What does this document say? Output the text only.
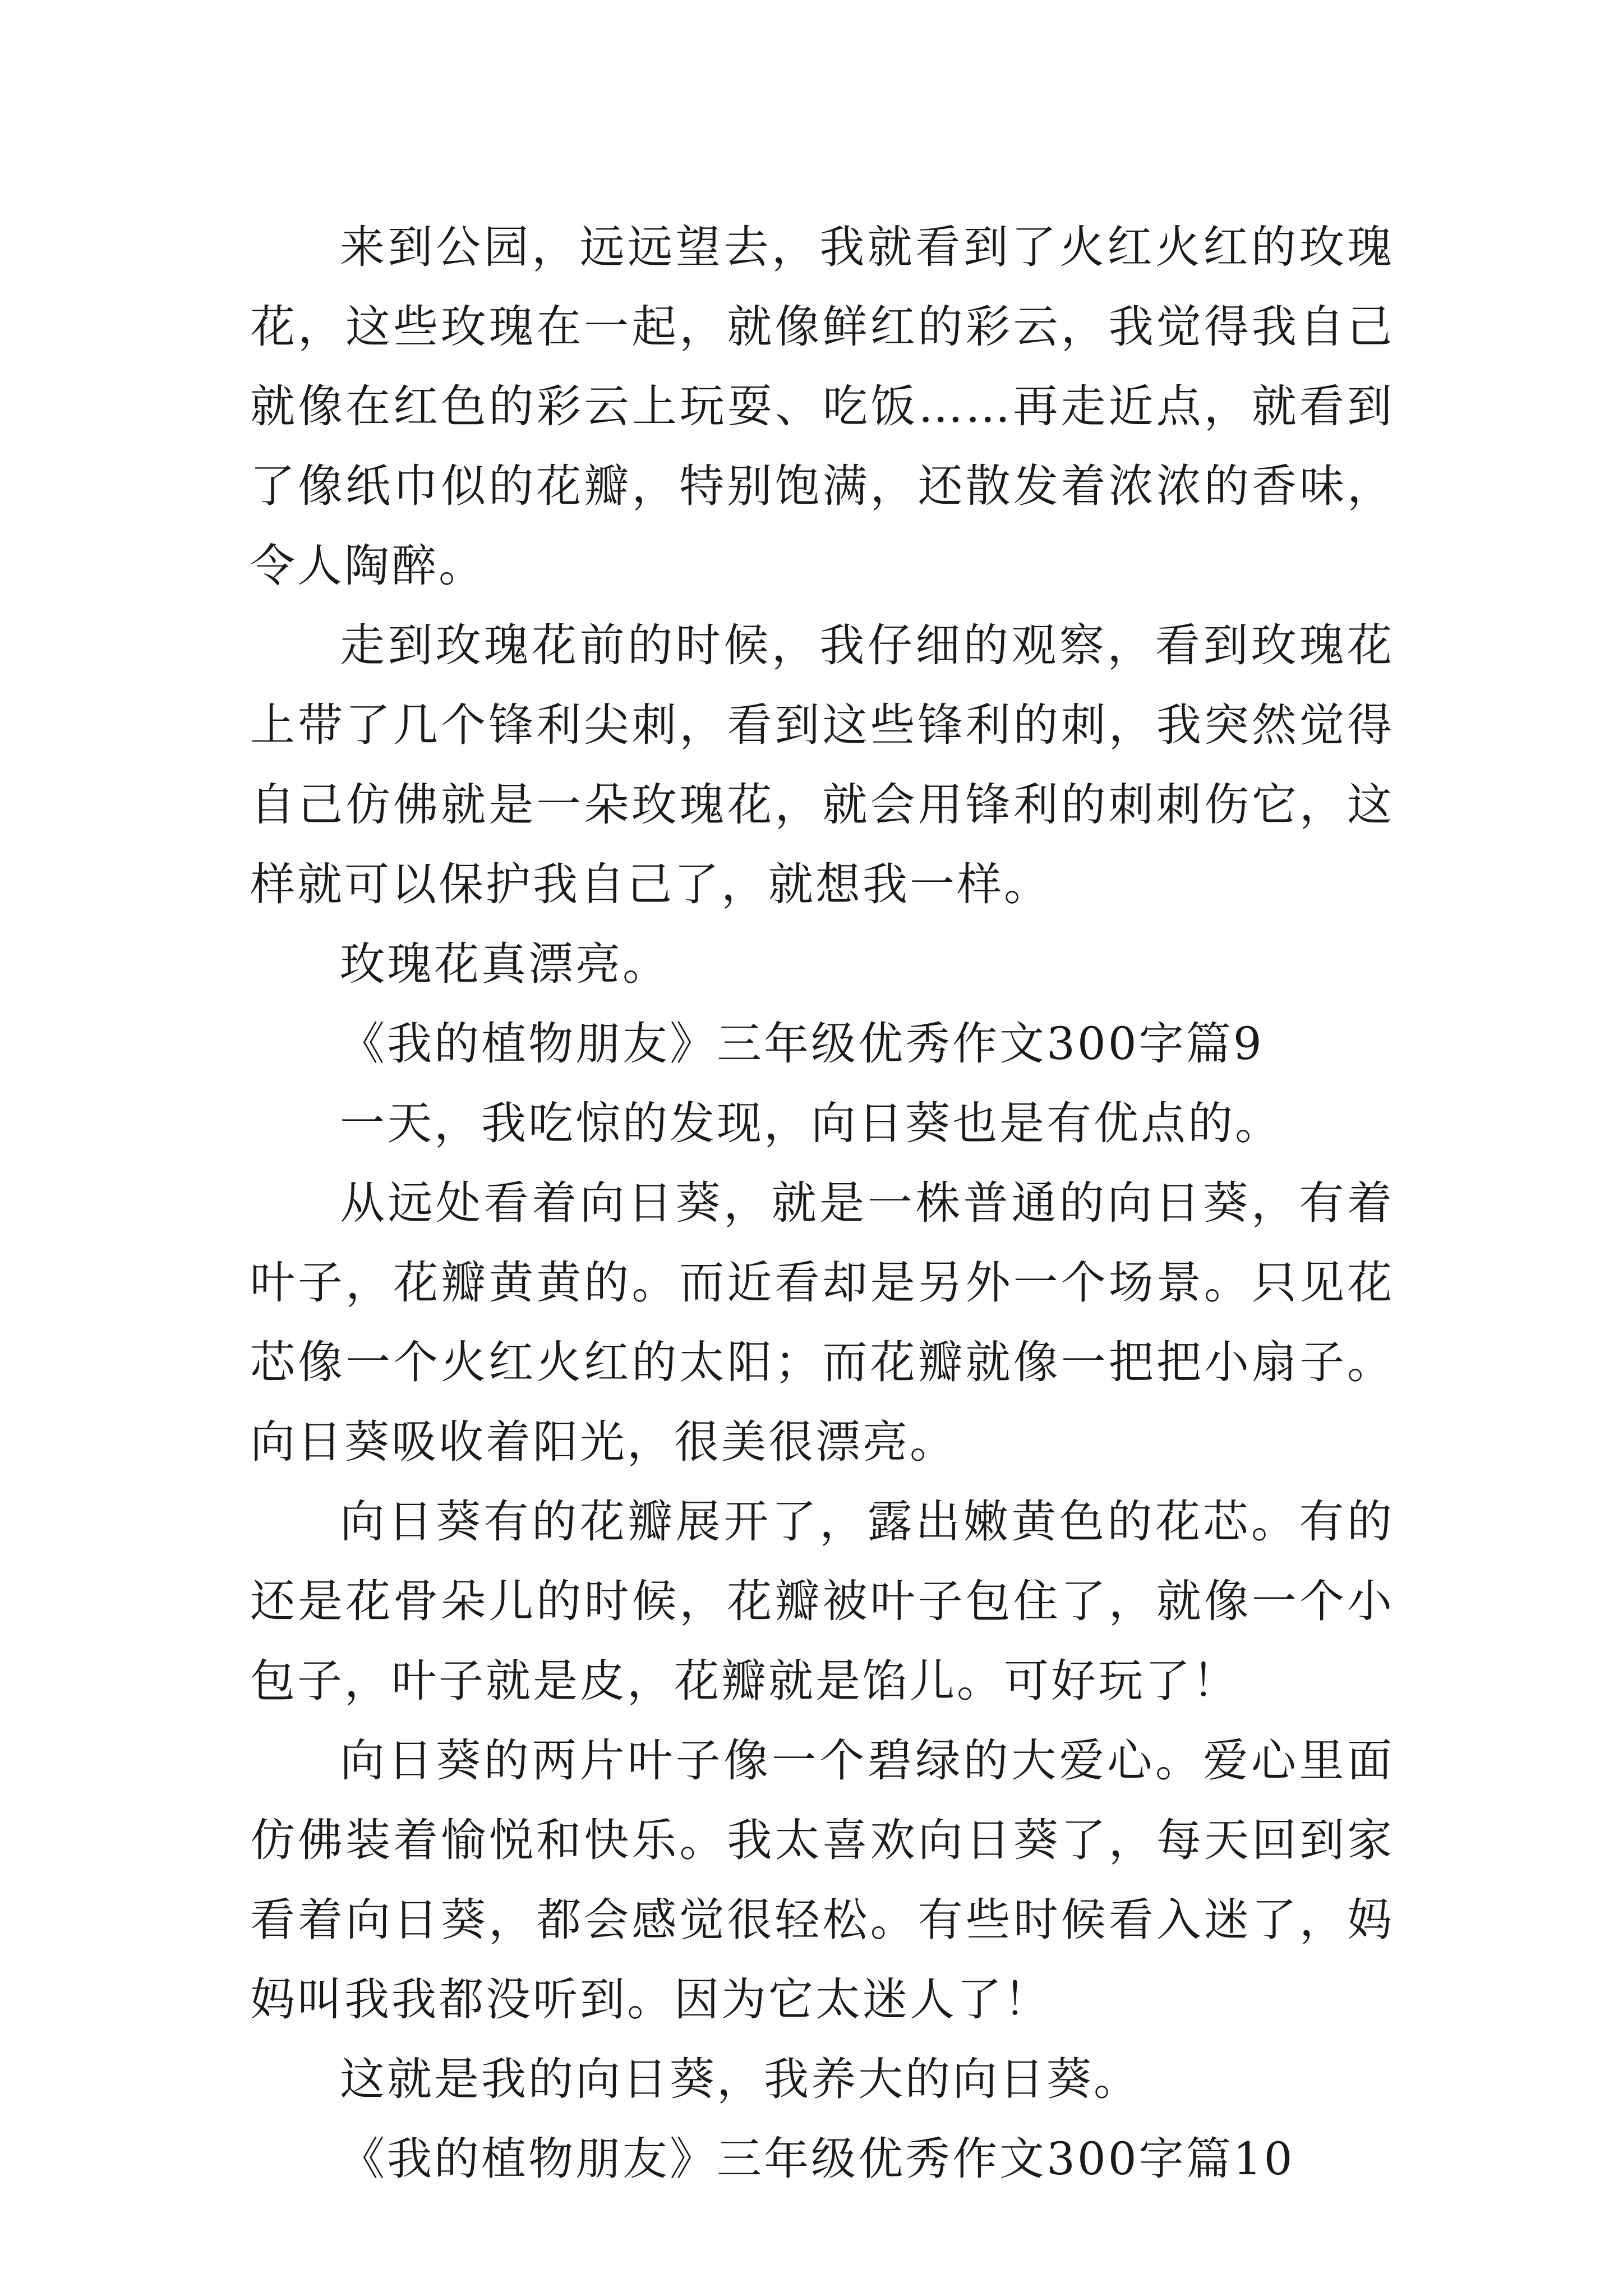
来到公园，远远望去，我就看到了火红火红的玫瑰花，这些玫瑰在一起，就像鲜红的彩云，我觉得我自己就像在红色的彩云上玩耍、吃饭……再走近点，就看到了像纸巾似的花瓣，特别饱满，还散发着浓浓的香味，令人陶醉。

走到玫瑰花前的时候，我仔细的观察，看到玫瑰花上带了几个锋利尖刺，看到这些锋利的刺，我突然觉得自己仿佛就是一朵玫瑰花，就会用锋利的刺刺伤它，这样就可以保护我自己了，就想我一样。

玫瑰花真漂亮。

《我的植物朋友》三年级优秀作文300字篇9

一天，我吃惊的发现，向日葵也是有优点的。

从远处看着向日葵，就是一株普通的向日葵，有着叶子，花瓣黄黄的。而近看却是另外一个场景。只见花芯像一个火红火红的太阳；而花瓣就像一把把小扇子。向日葵吸收着阳光，很美很漂亮。

向日葵有的花瓣展开了，露出嫩黄色的花芯。有的还是花骨朵儿的时候，花瓣被叶子包住了，就像一个小包子，叶子就是皮，花瓣就是馅儿。可好玩了！

向日葵的两片叶子像一个碧绿的大爱心。爱心里面仿佛装着愉悦和快乐。我太喜欢向日葵了，每天回到家看着向日葵，都会感觉很轻松。有些时候看入迷了，妈妈叫我我都没听到。因为它太迷人了！

这就是我的向日葵，我养大的向日葵。

《我的植物朋友》三年级优秀作文300字篇10
